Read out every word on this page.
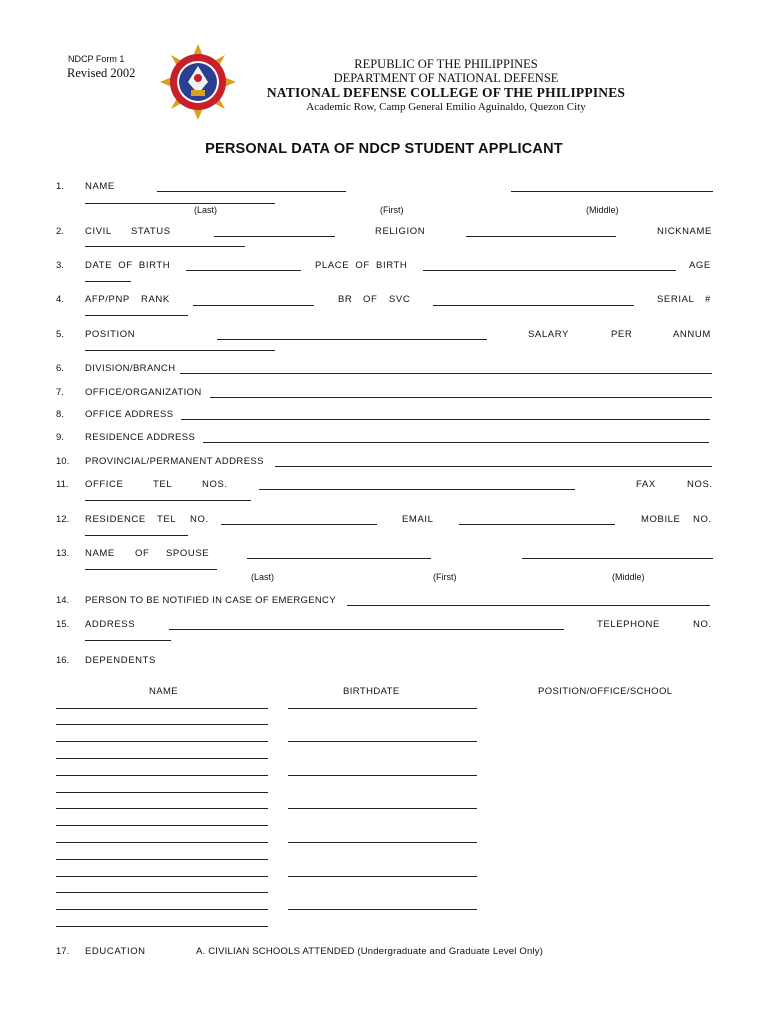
NDCP Form 1
Revised 2002
REPUBLIC OF THE PHILIPPINES
DEPARTMENT OF NATIONAL DEFENSE
NATIONAL DEFENSE COLLEGE OF THE PHILIPPINES
Academic Row, Camp General Emilio Aguinaldo, Quezon City
PERSONAL DATA OF NDCP STUDENT APPLICANT
1. NAME
(Last)	(First)	(Middle)
2. CIVIL STATUS	RELIGION	NICKNAME
3. DATE OF BIRTH	PLACE OF BIRTH	AGE
4. AFP/PNP RANK	BR OF SVC	SERIAL #
5. POSITION	SALARY	PER	ANNUM
6. DIVISION/BRANCH
7. OFFICE/ORGANIZATION
8. OFFICE ADDRESS
9. RESIDENCE ADDRESS
10. PROVINCIAL/PERMANENT ADDRESS
11. OFFICE	TEL	NOS.	FAX	NOS.
12. RESIDENCE TEL NO.	EMAIL	MOBILE NO.
13. NAME OF SPOUSE
(Last)	(First)	(Middle)
14. PERSON TO BE NOTIFIED IN CASE OF EMERGENCY
15. ADDRESS	TELEPHONE	NO.
16. DEPENDENTS
NAME	BIRTHDATE	POSITION/OFFICE/SCHOOL
17. EDUCATION	A. CIVILIAN SCHOOLS ATTENDED (Undergraduate and Graduate Level Only)
